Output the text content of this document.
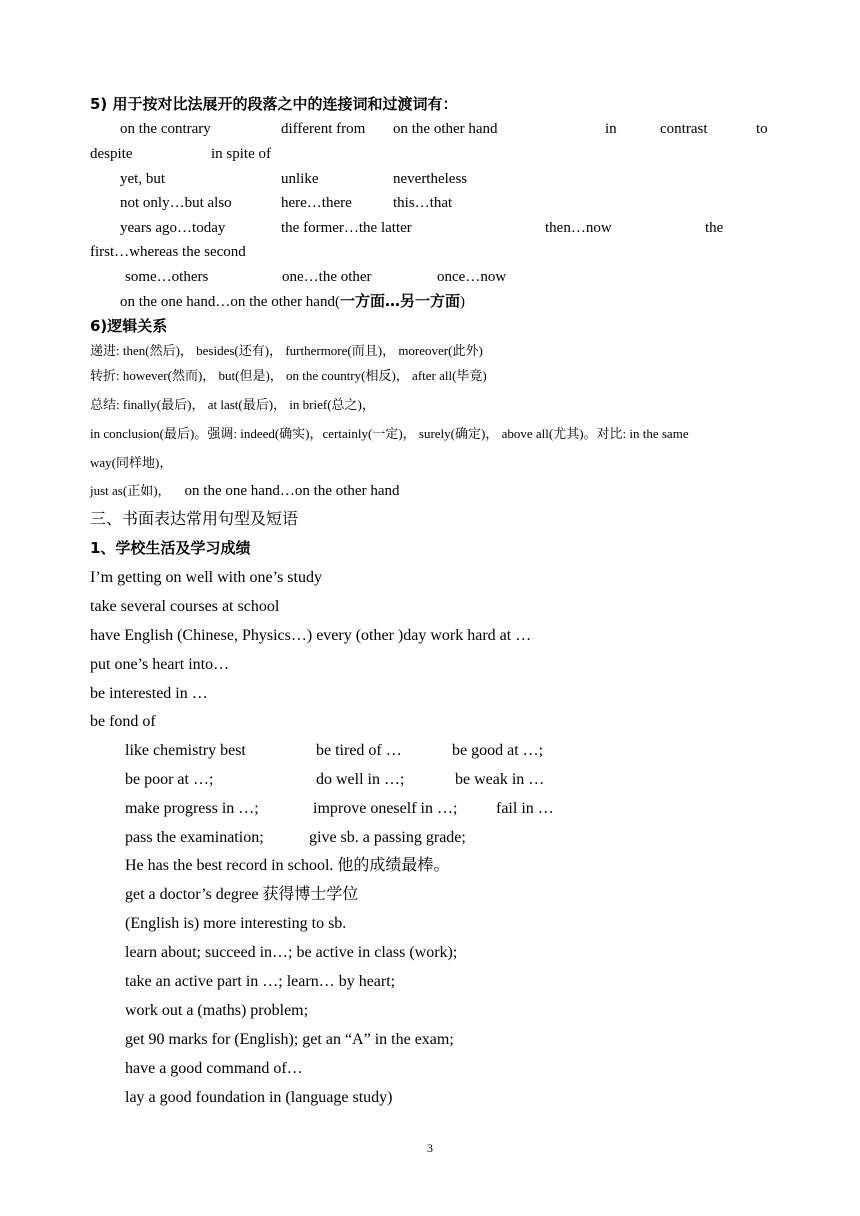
5) 用于按对比法展开的段落之中的连接词和过渡词有：
on the contrary	different from on the other hand	in	contrast	to
despite	in spite of
yet, but	unlike	nevertheless
not only…but also	here…there	this…that
years ago…today	the former…the latter	then…now	the
first…whereas the second
some…others	one…the other	once…now
on the one hand…on the other hand(一方面…另一方面)
6)逻辑关系
递进: then(然后)， besides(还有)， furthermore(而且)， moreover(此外)
转折: however(然而)， but(但是)， on the country(相反)， after all(毕竟)
总结: finally(最后)， at last(最后)， in brief(总之)，
in conclusion(最后)。强调: indeed(确实)，certainly(一定)， surely(确定)， above all(尤其)。对比: in the same
way(同样地)，
just as(正如)， on the one hand…on the other hand
三、书面表达常用句型及短语
1、学校生活及学习成绩
I’m getting on well with one’s study
take several courses at school
have English (Chinese, Physics…) every (other )day work hard at …
put one’s heart into…
be interested in …
be fond of
like chemistry best	be tired of …	be good at …;
be poor at …;	do well in …;	be weak in …
make progress in …;	improve oneself in …; fail in …
pass the examination;	give sb. a passing grade;
He has the best record in school. 他的成绩最棒。
get a doctor’s degree 获得博士学位
(English is) more interesting to sb.
learn about; succeed in…; be active in class (work);
take an active part in …; learn… by heart;
work out a (maths) problem;
get 90 marks for (English); get an “A” in the exam;
have a good command of…
lay a good foundation in (language study)
3
